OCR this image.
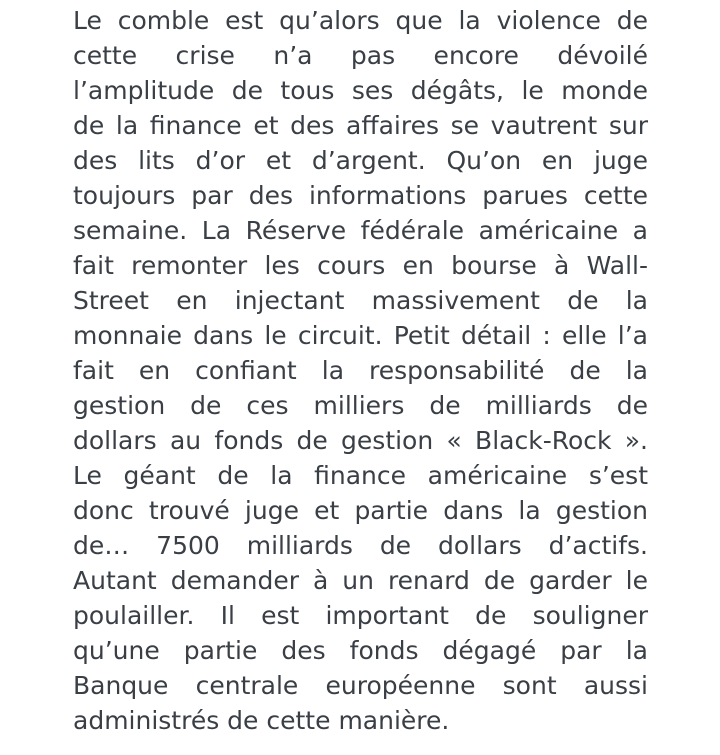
Le comble est qu’alors que la violence de
cette crise n’a pas encore dévoilé
l’amplitude de tous ses dégâts, le monde
de la finance et des affaires se vautrent sur
des lits d’or et d’argent. Qu’on en juge
toujours par des informations parues cette
semaine. La Réserve fédérale américaine a
fait remonter les cours en bourse à Wall-
Street en injectant massivement de la
monnaie dans le circuit. Petit détail : elle l’a
fait en confiant la responsabilité de la
gestion de ces milliers de milliards de
dollars au fonds de gestion « Black-Rock ».
Le géant de la finance américaine s’est
donc trouvé juge et partie dans la gestion
de… 7500 milliards de dollars d’actifs.
Autant demander à un renard de garder le
poulailler. Il est important de souligner
qu’une partie des fonds dégagé par la
Banque centrale européenne sont aussi
administrés de cette manière.
